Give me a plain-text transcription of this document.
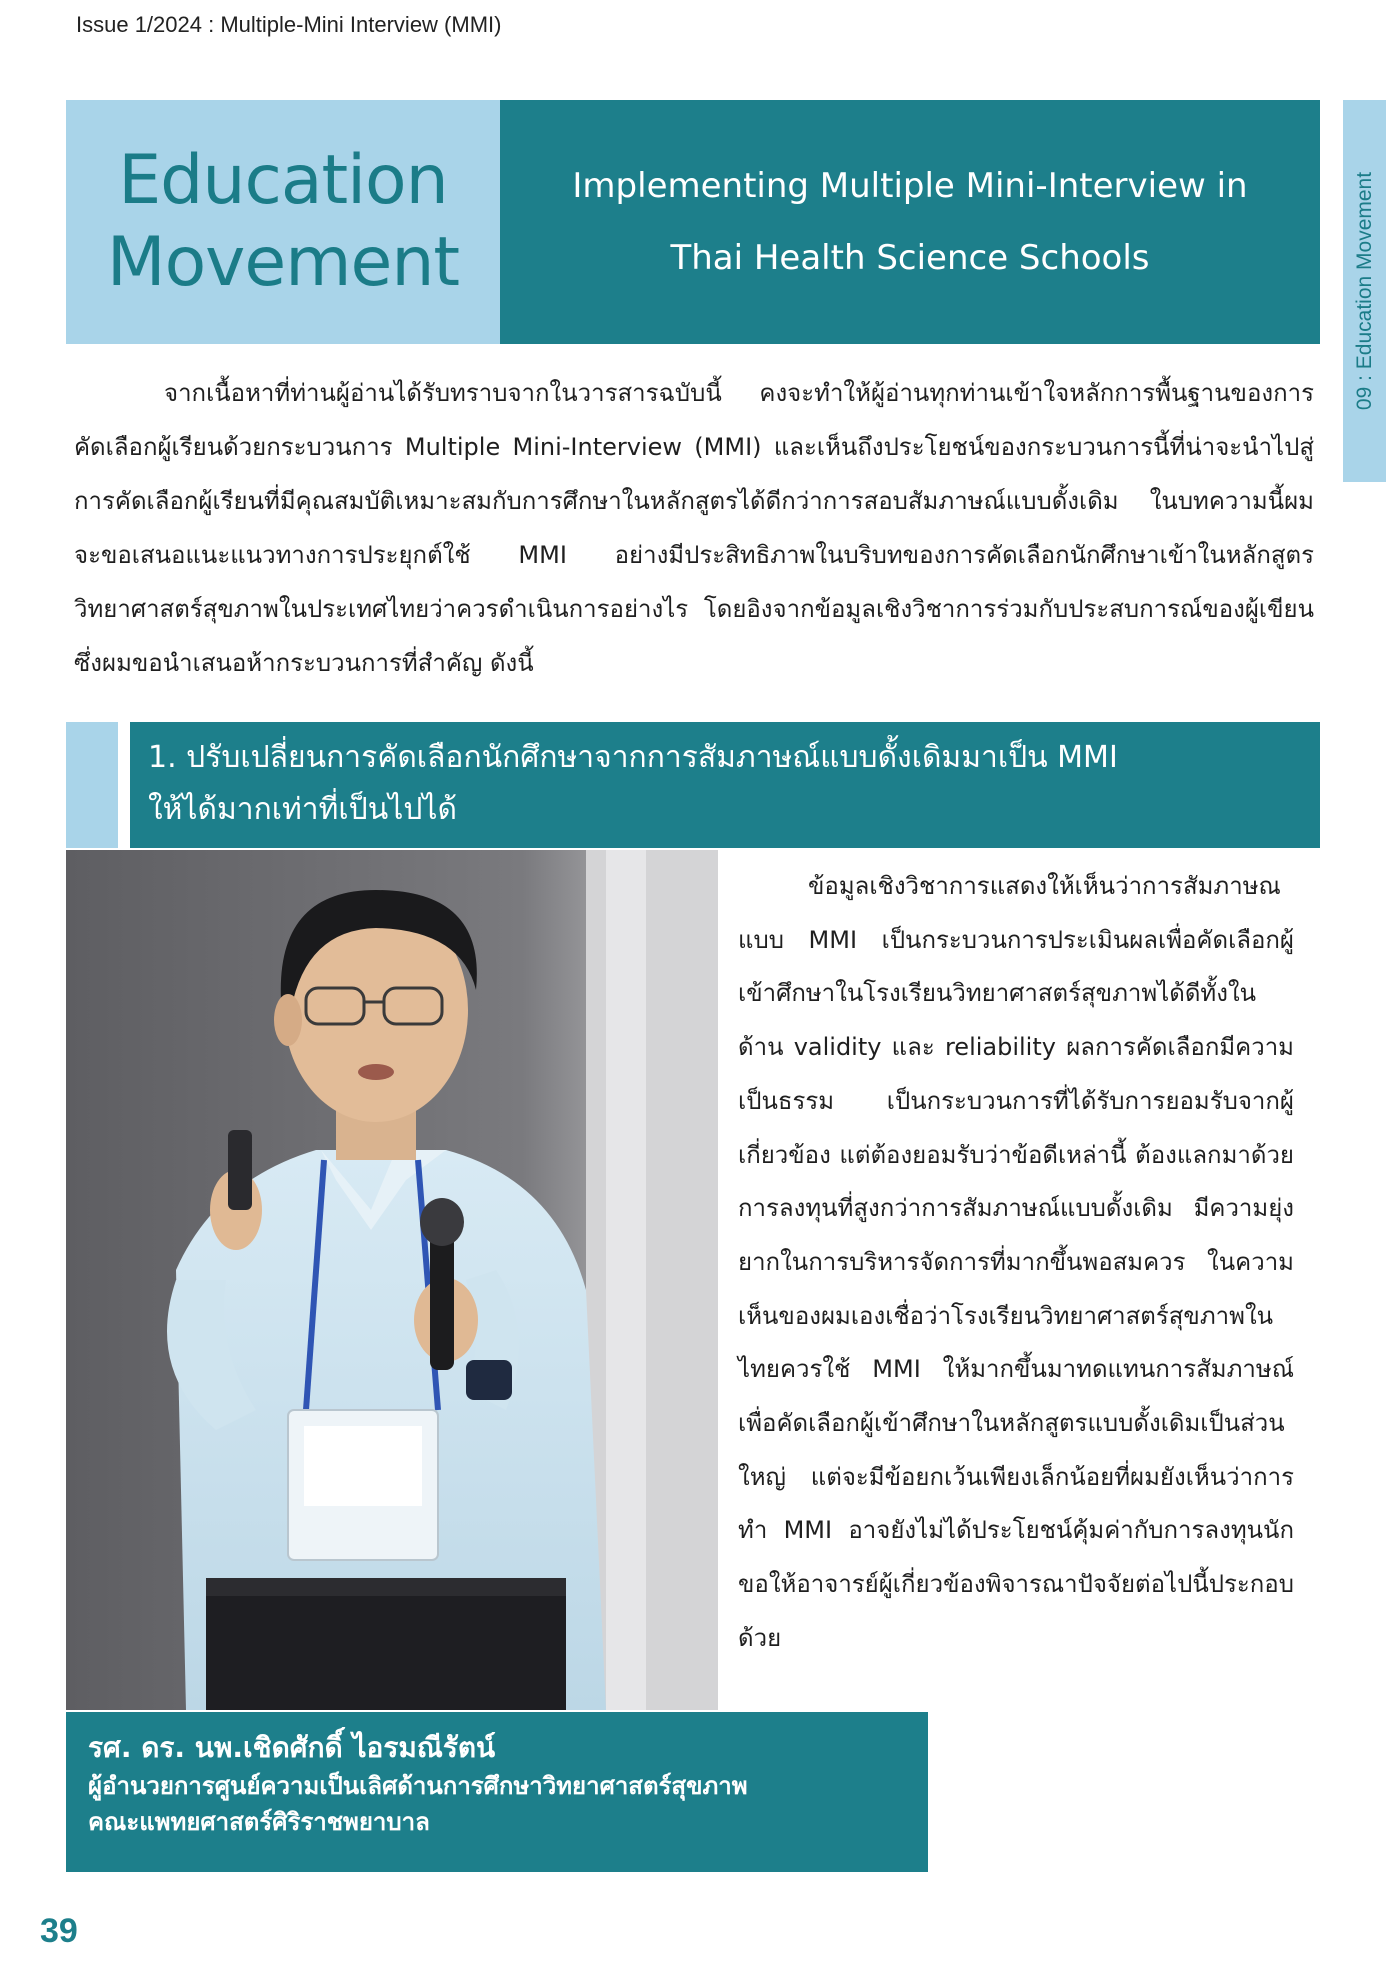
Issue 1/2024 : Multiple-Mini Interview (MMI)
09 : Education Movement
Education
Movement
Implementing Multiple Mini-Interview in
Thai Health Science Schools

จากเนื้อหาที่ท่านผู้อ่านได้รับทราบจากในวารสารฉบับนี้ คงจะทำให้ผู้อ่านทุกท่านเข้าใจหลักการพื้นฐานของการคัดเลือกผู้เรียนด้วยกระบวนการ Multiple Mini-Interview (MMI) และเห็นถึงประโยชน์ของกระบวนการนี้ที่น่าจะนำไปสู่การคัดเลือกผู้เรียนที่มีคุณสมบัติเหมาะสมกับการศึกษาในหลักสูตรได้ดีกว่าการสอบสัมภาษณ์แบบดั้งเดิม ในบทความนี้ผมจะขอเสนอแนะแนวทางการประยุกต์ใช้ MMI อย่างมีประสิทธิภาพในบริบทของการคัดเลือกนักศึกษาเข้าในหลักสูตรวิทยาศาสตร์สุขภาพในประเทศไทยว่าควรดำเนินการอย่างไร โดยอิงจากข้อมูลเชิงวิชาการร่วมกับประสบการณ์ของผู้เขียน ซึ่งผมขอนำเสนอห้ากระบวนการที่สำคัญ ดังนี้

1. ปรับเปลี่ยนการคัดเลือกนักศึกษาจากการสัมภาษณ์แบบดั้งเดิมมาเป็น MMI
ให้ได้มากเท่าที่เป็นไปได้

ข้อมูลเชิงวิชาการแสดงให้เห็นว่าการสัมภาษณแบบ MMI เป็นกระบวนการประเมินผลเพื่อคัดเลือกผู้เข้าศึกษาในโรงเรียนวิทยาศาสตร์สุขภาพได้ดีทั้งในด้าน validity และ reliability ผลการคัดเลือกมีความเป็นธรรม เป็นกระบวนการที่ได้รับการยอมรับจากผู้เกี่ยวข้อง แต่ต้องยอมรับว่าข้อดีเหล่านี้ ต้องแลกมาด้วยการลงทุนที่สูงกว่าการสัมภาษณ์แบบดั้งเดิม มีความยุ่งยากในการบริหารจัดการที่มากขึ้นพอสมควร ในความเห็นของผมเองเชื่อว่าโรงเรียนวิทยาศาสตร์สุขภาพในไทยควรใช้ MMI ให้มากขึ้นมาทดแทนการสัมภาษณ์เพื่อคัดเลือกผู้เข้าศึกษาในหลักสูตรแบบดั้งเดิมเป็นส่วนใหญ่ แต่จะมีข้อยกเว้นเพียงเล็กน้อยที่ผมยังเห็นว่าการทำ MMI อาจยังไม่ได้ประโยชน์คุ้มค่ากับการลงทุนนักขอให้อาจารย์ผู้เกี่ยวข้องพิจารณาปัจจัยต่อไปนี้ประกอบด้วย

รศ. ดร. นพ.เชิดศักดิ์ ไอรมณีรัตน์
ผู้อำนวยการศูนย์ความเป็นเลิศด้านการศึกษาวิทยาศาสตร์สุขภาพ
คณะแพทยศาสตร์ศิริราชพยาบาล
39
